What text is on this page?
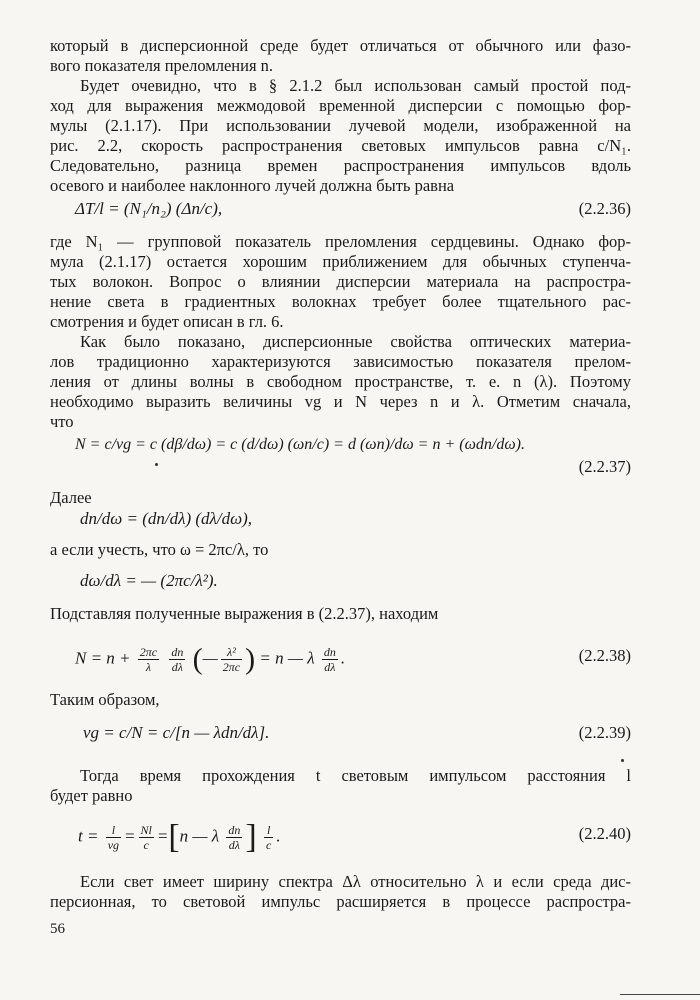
который в дисперсионной среде будет отличаться от обычного или фазо-
вого показателя преломления n.
Будет очевидно, что в § 2.1.2 был использован самый простой под-
ход для выражения межмодовой временной дисперсии с помощью фор-
мулы (2.1.17). При использовании лучевой модели, изображенной на
рис. 2.2, скорость распространения световых импульсов равна c/N₁.
Следовательно, разница времен распространения импульсов вдоль
осевого и наиболее наклонного лучей должна быть равна
ΔT/l = (N₁/n₂) (Δn/c),	(2.2.36)
где N₁ — групповой показатель преломления сердцевины. Однако фор-
мула (2.1.17) остается хорошим приближением для обычных ступенча-
тых волокон. Вопрос о влиянии дисперсии материала на распростра-
нение света в градиентных волокнах требует более тщательного рас-
смотрения и будет описан в гл. 6.
Как было показано, дисперсионные свойства оптических материа-
лов традиционно характеризуются зависимостью показателя прелом-
ления от длины волны в свободном пространстве, т. е. n (λ). Поэтому
необходимо выразить величины vg и N через n и λ. Отметим сначала,
что
N = c/vg = c (dβ/dω) = c (d/dω) (ωn/c) = d (ωn)/dω = n + (ωdn/dω).
(2.2.37)
Далее
dn/dω = (dn/dλ) (dλ/dω),
а если учесть, что ω = 2πc/λ, то
dω/dλ = — (2πc/λ²).
Подставляя полученные выражения в (2.2.37), находим
$N = n + \frac{2\pi c}{\lambda}$
$\frac{dn}{d\lambda}$ (— $\frac{\text{λ²}}{2\pi c}$ ) = n — λ $\frac{dn}{d\lambda}$ .	(2.2.38)
Таким образом,
vg = c/N = c/[n — λdn/dλ].	(2.2.39)
Тогда время прохождения t световым импульсом расстояния l
будет равно
$t = \frac{l}{vg} = \frac{Nl}{c} =[n$ — λ $\frac{dn}{d\lambda}$ ] $\frac{l}{c}$ .	(2.2.40)
Если свет имеет ширину спектра Δλ относительно λ и если среда дис-
персионная, то световой импульс расширяется в процессе распростра-
56
